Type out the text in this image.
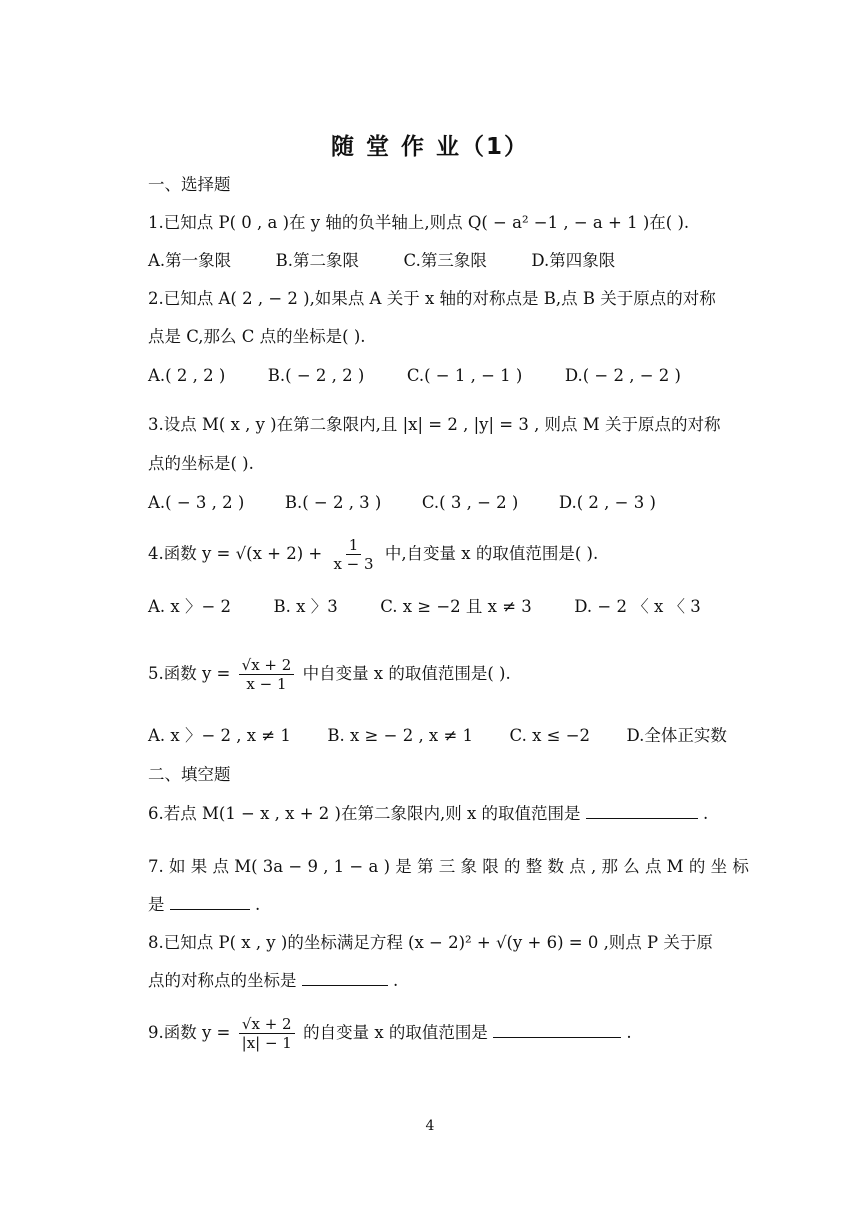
随 堂 作 业（1）
一、选择题
1.已知点 P( 0 , a )在 y 轴的负半轴上,则点 Q( − a² −1 , − a + 1 )在( ).
A.第一象限	B.第二象限	C.第三象限	D.第四象限
2.已知点 A( 2 , − 2 ),如果点 A 关于 x 轴的对称点是 B,点 B 关于原点的对称
点是 C,那么 C 点的坐标是( ).
A.( 2 , 2 )	B.( − 2 , 2 )	C.( − 1 , − 1 )	D.( − 2 , − 2 )
3.设点 M( x , y )在第二象限内,且 |x| = 2 , |y| = 3 , 则点 M 关于原点的对称
点的坐标是( ).
A.( − 3 , 2 ) B.( − 2 , 3 ) C.( 3 , − 2 ) D.( 2 , − 3 )
4.函数 $y = √(x + 2) + \frac{1}{x - 3}$ 中,自变量 x 的取值范围是( ).
A. x 〉− 2	B. x 〉3	C. x ≥ −2 且 x ≠ 3	D. − 2 〈 x 〈 3
5.函数 $y = \frac{√x + 2}{x - 1}$ 中自变量 x 的取值范围是( ).
A. x 〉− 2 , x ≠ 1 B. x ≥ − 2 , x ≠ 1 C. x ≤ −2 D.全体正实数
二、填空题
6.若点 M(1 − x , x + 2 )在第二象限内,则 x 的取值范围是	.
7. 如 果 点 M( 3a − 9 , 1 − a ) 是 第 三 象 限 的 整 数 点 , 那 么 点 M 的 坐 标
是	.
8.已知点 P( x , y )的坐标满足方程 (x − 2)² + √(y + 6) = 0 ,则点 P 关于原
点的对称点的坐标是	.
9.函数 $y = \frac{√x + 2}{|x| - 1}$ 的自变量 x 的取值范围是	.
4
